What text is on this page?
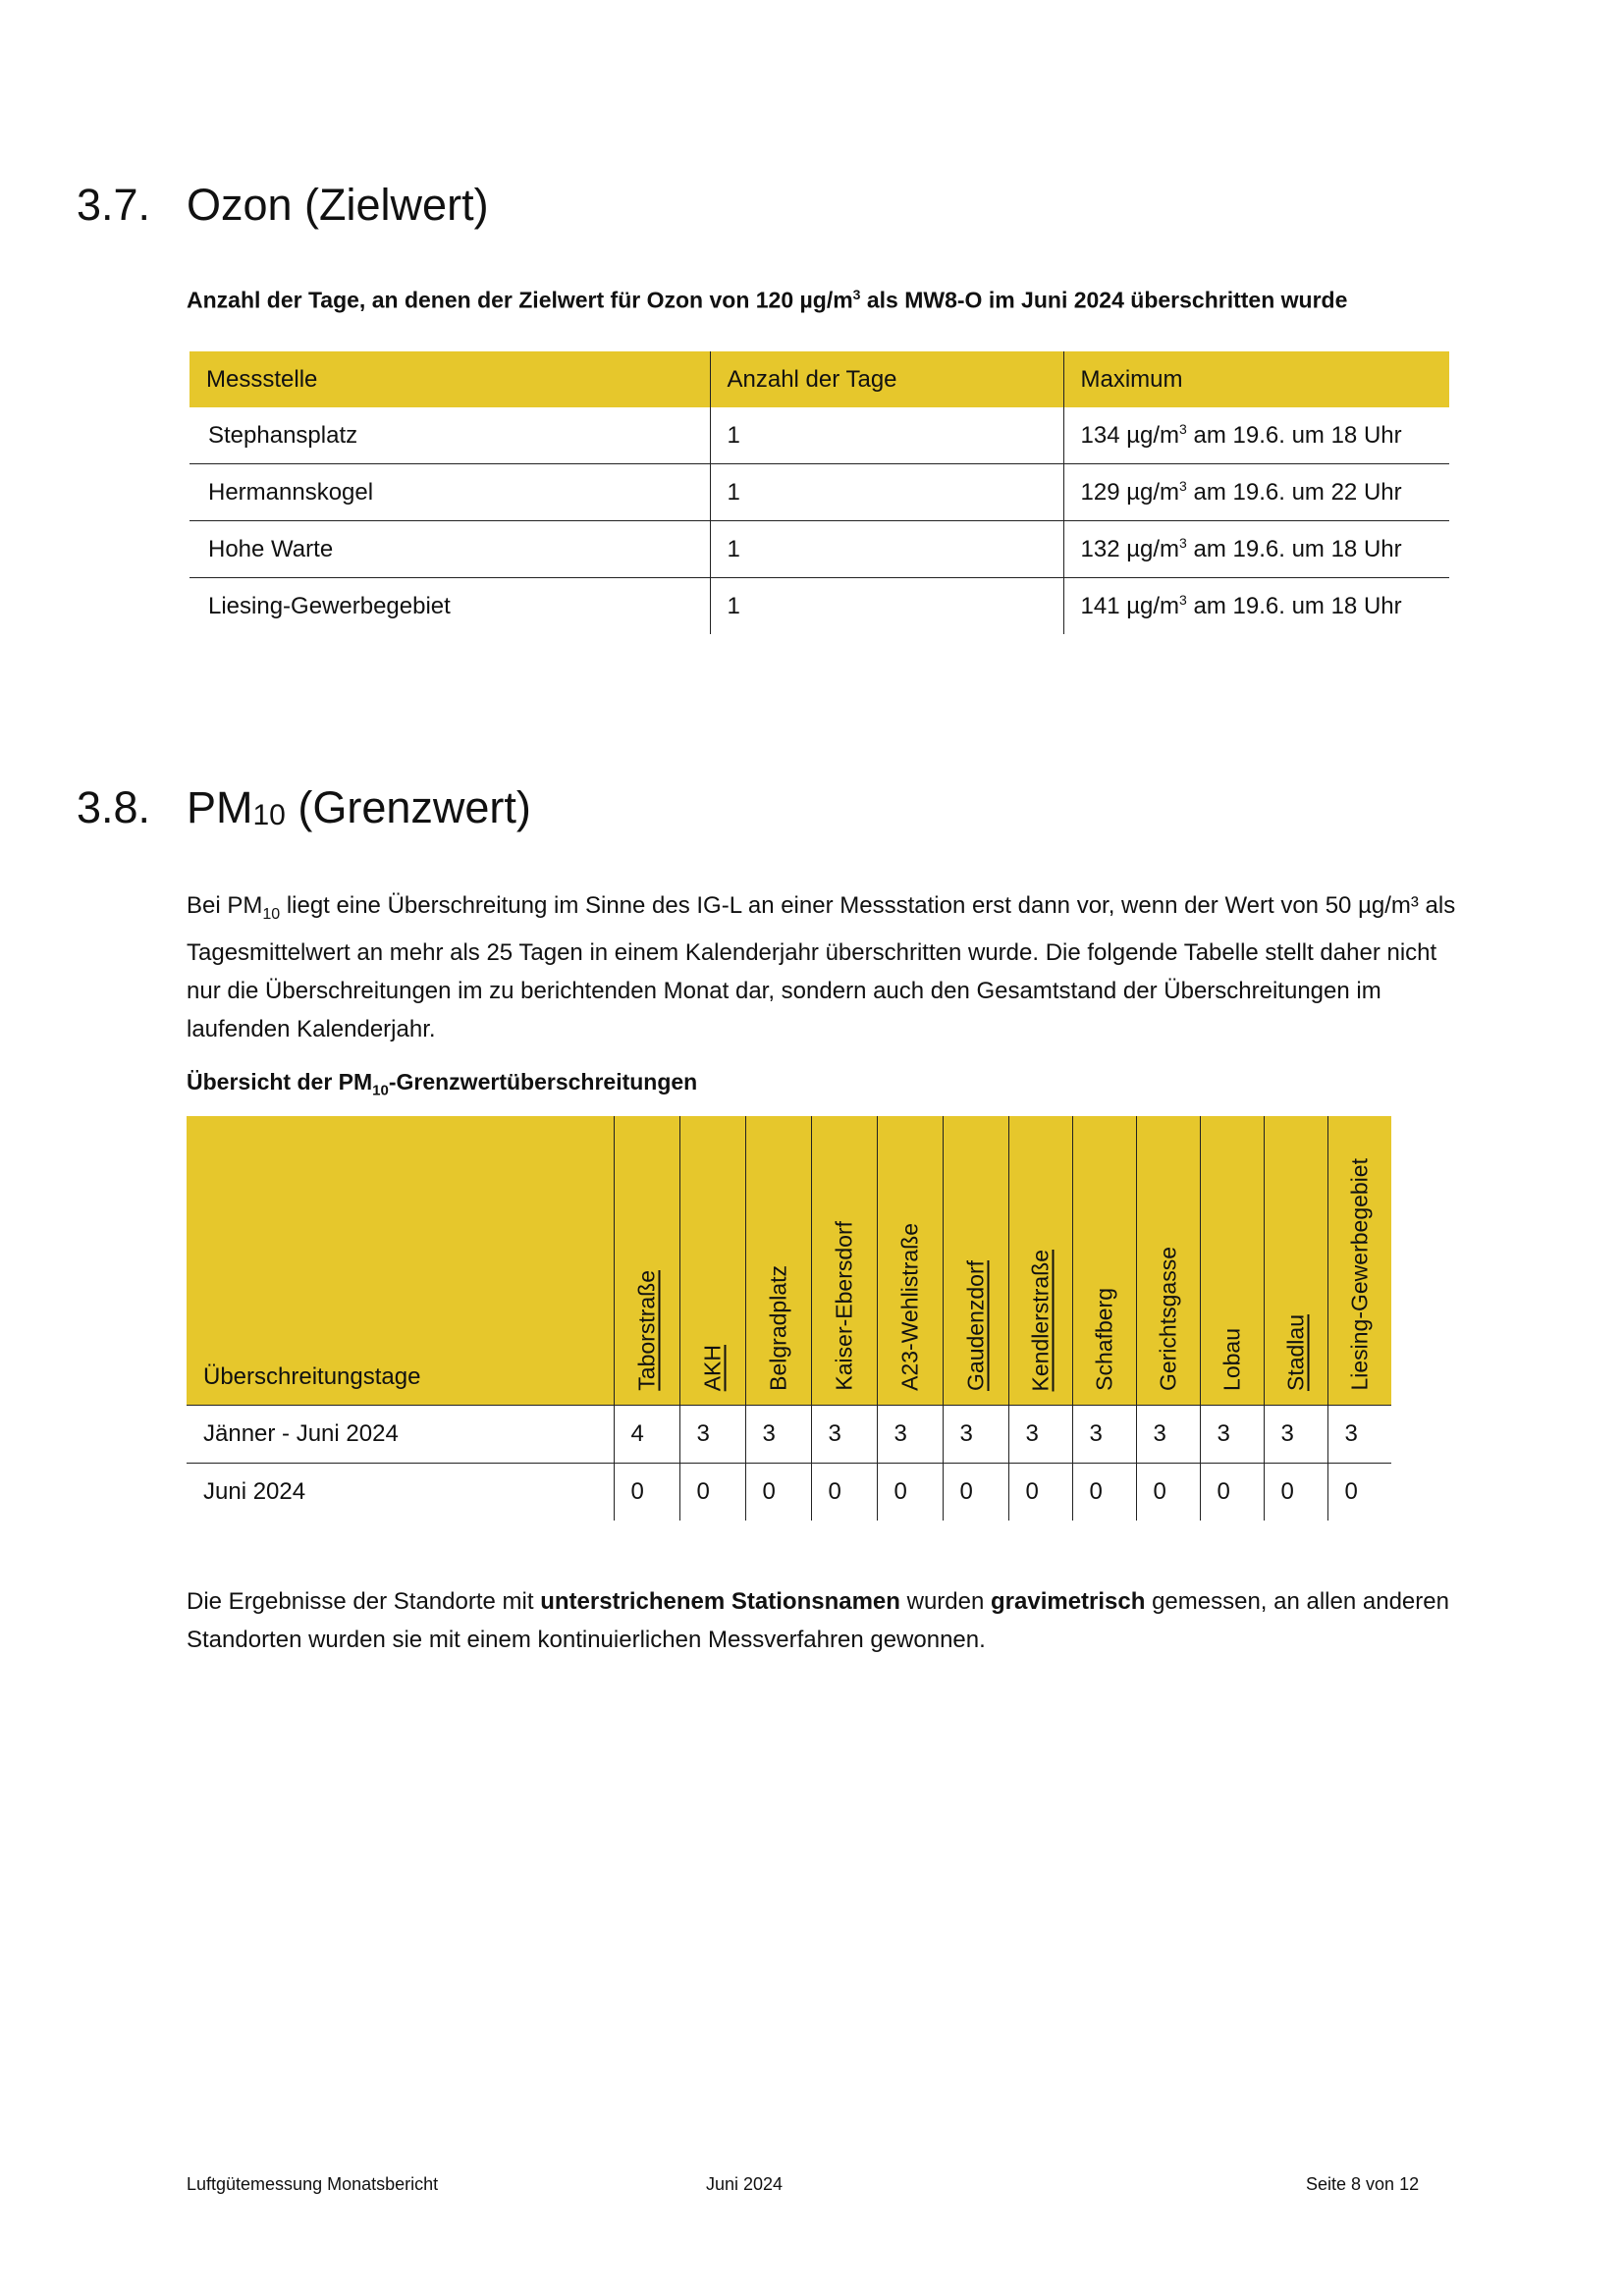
3.7. Ozon (Zielwert)

Anzahl der Tage, an denen der Zielwert für Ozon von 120 $\mu g/m^3$ als MW8-O im Juni 2024 überschritten wurde

Messstelle	Anzahl der Tage	Maximum
Stephansplatz	1	134 $\mu g/m^3$ am 19.6. um 18 Uhr
Hermannskogel	1	129 $\mu g/m^3$ am 19.6. um 22 Uhr
Hohe Warte	1	132 $\mu g/m^3$ am 19.6. um 18 Uhr
Liesing-Gewerbegebiet	1	141 $\mu g/m^3$ am 19.6. um 18 Uhr
3.8. PM10 (Grenzwert)

Bei $PM_{10}$ liegt eine Überschreitung im Sinne des IG-L an einer Messstation erst dann vor, wenn der Wert von 50 µg/m³ als Tagesmittelwert an mehr als 25 Tagen in einem Kalenderjahr überschritten wurde. Die folgende Tabelle stellt daher nicht nur die Überschreitungen im zu berichtenden Monat dar, sondern auch den Gesamtstand der Überschreitungen im laufenden Kalenderjahr.

Übersicht der $PM_{10}$-Grenzwertüberschreitungen

Überschreitungstage	Taborstraße	AKH	Belgradplatz	Kaiser-Ebersdorf	A23-Wehlistraße	Gaudenzdorf	Kendlerstraße	Schafberg	Gerichtsgasse	Lobau	Stadlau	Liesing-Gewerbegebiet

Jänner - Juni 2024	4	3	3	3	3	3	3	3	3	3	3	3
Juni 2024	0	0	0	0	0	0	0	0	0	0	0	0

Die Ergebnisse der Standorte mit unterstrichenem Stationsnamen wurden gravimetrisch gemessen, an allen anderen Standorten wurden sie mit einem kontinuierlichen Messverfahren gewonnen.

Luftgütemessung Monatsbericht	Juni 2024	Seite 8 von 12
